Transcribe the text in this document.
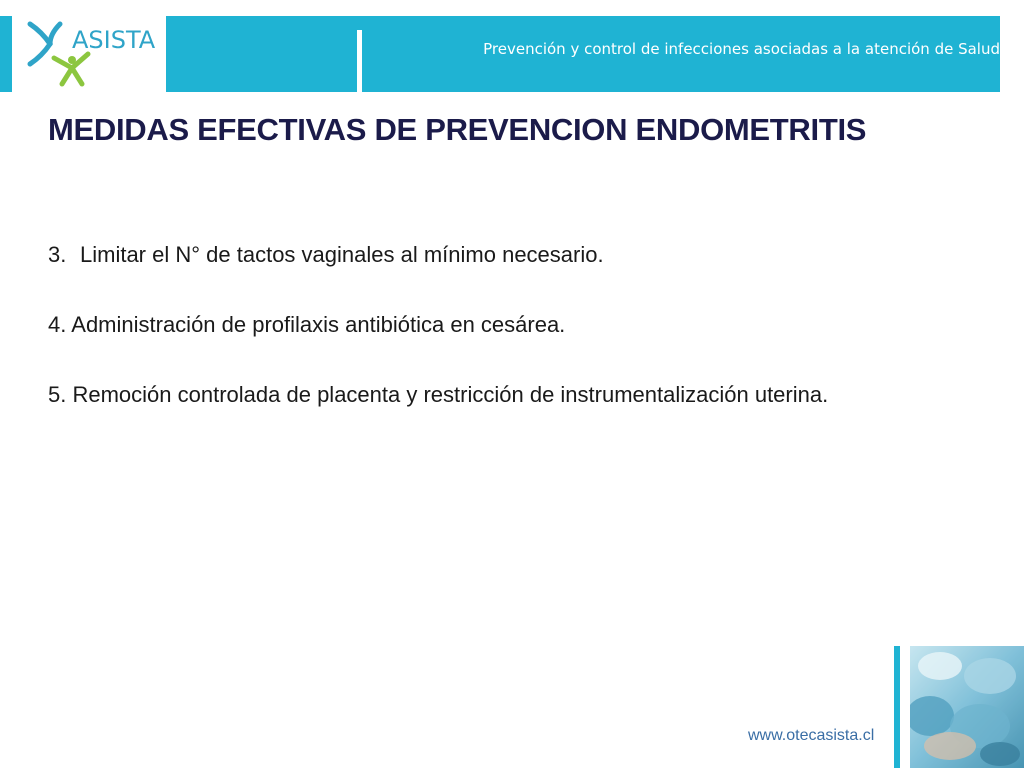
ASISTA	Prevención y control de infecciones asociadas a la atención de Salud
MEDIDAS EFECTIVAS DE PREVENCION ENDOMETRITIS
3. Limitar el N° de tactos vaginales al mínimo necesario.
4. Administración de profilaxis antibiótica en cesárea.
5. Remoción controlada de placenta y restricción de instrumentalización uterina.
www.otecasista.cl
